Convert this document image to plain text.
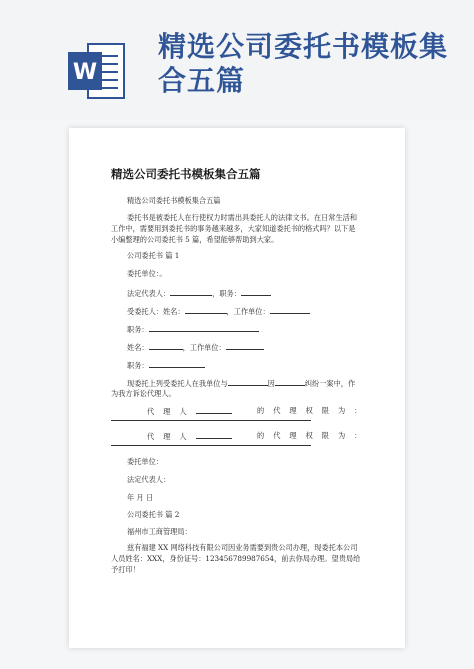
W
精选公司委托书模板集合五篇
精选公司委托书模板集合五篇
精选公司委托书模板集合五篇
委托书是被委托人在行使权力时需出具委托人的法律文书。在日常生活和工作中，需要用到委托书的事务越来越多，大家知道委托书的格式吗？以下是小编整理的公司委托书 5 篇，希望能够帮助到大家。
公司委托书 篇 1
委托单位：。
法定代表人：	，职务：
受委托人：姓名：	，工作单位：
职务：
姓名：	，工作单位：
职务：
现委托上列受委托人在我单位与	因	纠纷一案中，作
为我方诉讼代理人。
代理人	的代理权限为：
代理人	的代理权限为：
委托单位：
法定代表人：
年 月 日
公司委托书 篇 2
福州市工商管理局：
兹有福建 XX 网络科技有限公司因业务需要到贵公司办理，现委托本公司人员姓名：XXX，身份证号：123456789987654，前去你局办理。望贵局给予打印！
